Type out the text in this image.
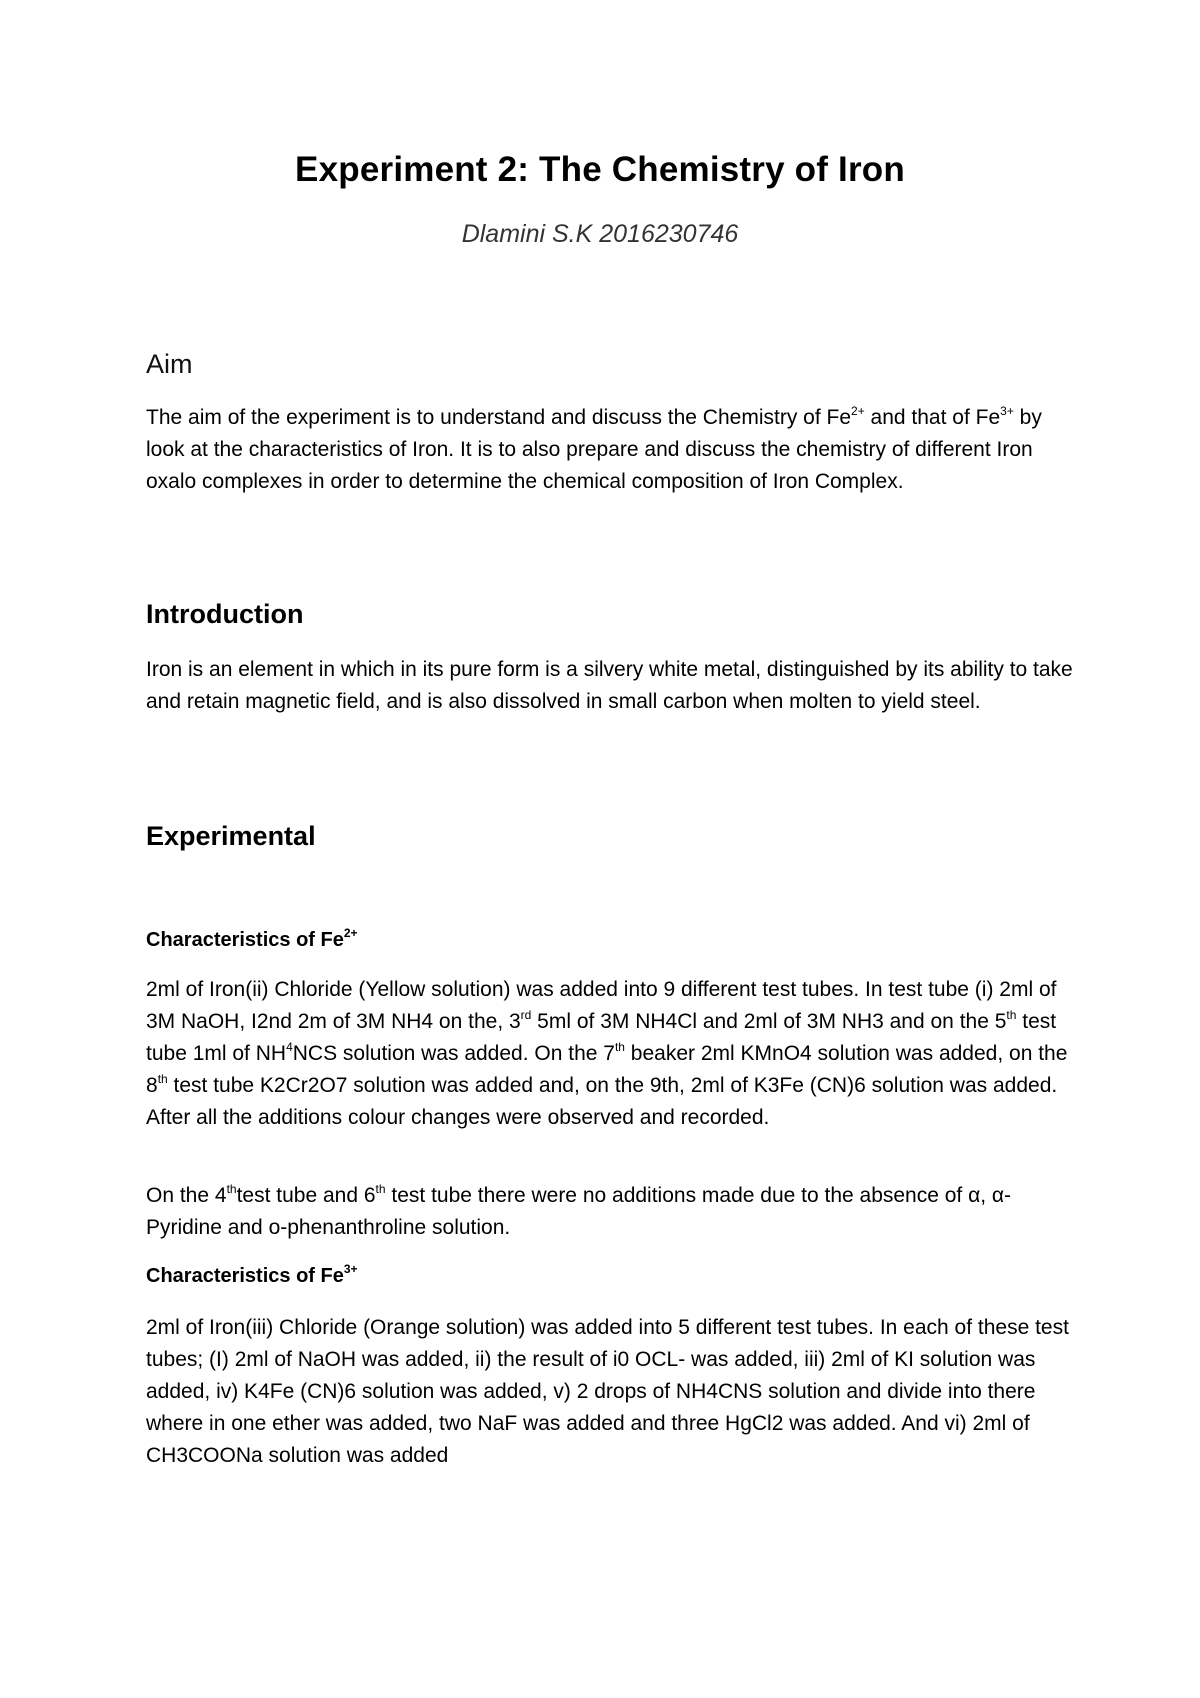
Experiment 2: The Chemistry of Iron
Dlamini S.K 2016230746
Aim

The aim of the experiment is to understand and discuss the Chemistry of $Fe^{2+}$ and that of $Fe^{3+}$ by look at the characteristics of Iron. It is to also prepare and discuss the chemistry of different Iron oxalo complexes in order to determine the chemical composition of Iron Complex.

Introduction

Iron is an element in which in its pure form is a silvery white metal, distinguished by its ability to take and retain magnetic field, and is also dissolved in small carbon when molten to yield steel.

Experimental
Characteristics of $Fe^{2+}$

2ml of Iron(ii) Chloride (Yellow solution) was added into 9 different test tubes. In test tube (i) 2ml of 3M NaOH, I2nd 2m of 3M NH4 on the, 3rd 5ml of 3M NH4Cl and 2ml of 3M NH3 and on the 5th test tube 1ml of $NH^4NCS$ solution was added. On the 7th beaker 2ml KMnO4 solution was added, on the 8th test tube K2Cr2O7 solution was added and, on the 9th, 2ml of K3Fe (CN)6 solution was added. After all the additions colour changes were observed and recorded.

On the 4thtest tube and 6th test tube there were no additions made due to the absence of α, α-Pyridine and o-phenanthroline solution.

Characteristics of $Fe^{3+}$

2ml of Iron(iii) Chloride (Orange solution) was added into 5 different test tubes. In each of these test tubes; (I) 2ml of NaOH was added, ii) the result of i0 OCL- was added, iii) 2ml of KI solution was added, iv) K4Fe (CN)6 solution was added, v) 2 drops of NH4CNS solution and divide into there where in one ether was added, two NaF was added and three HgCl2 was added. And vi) 2ml of CH3COONa solution was added
